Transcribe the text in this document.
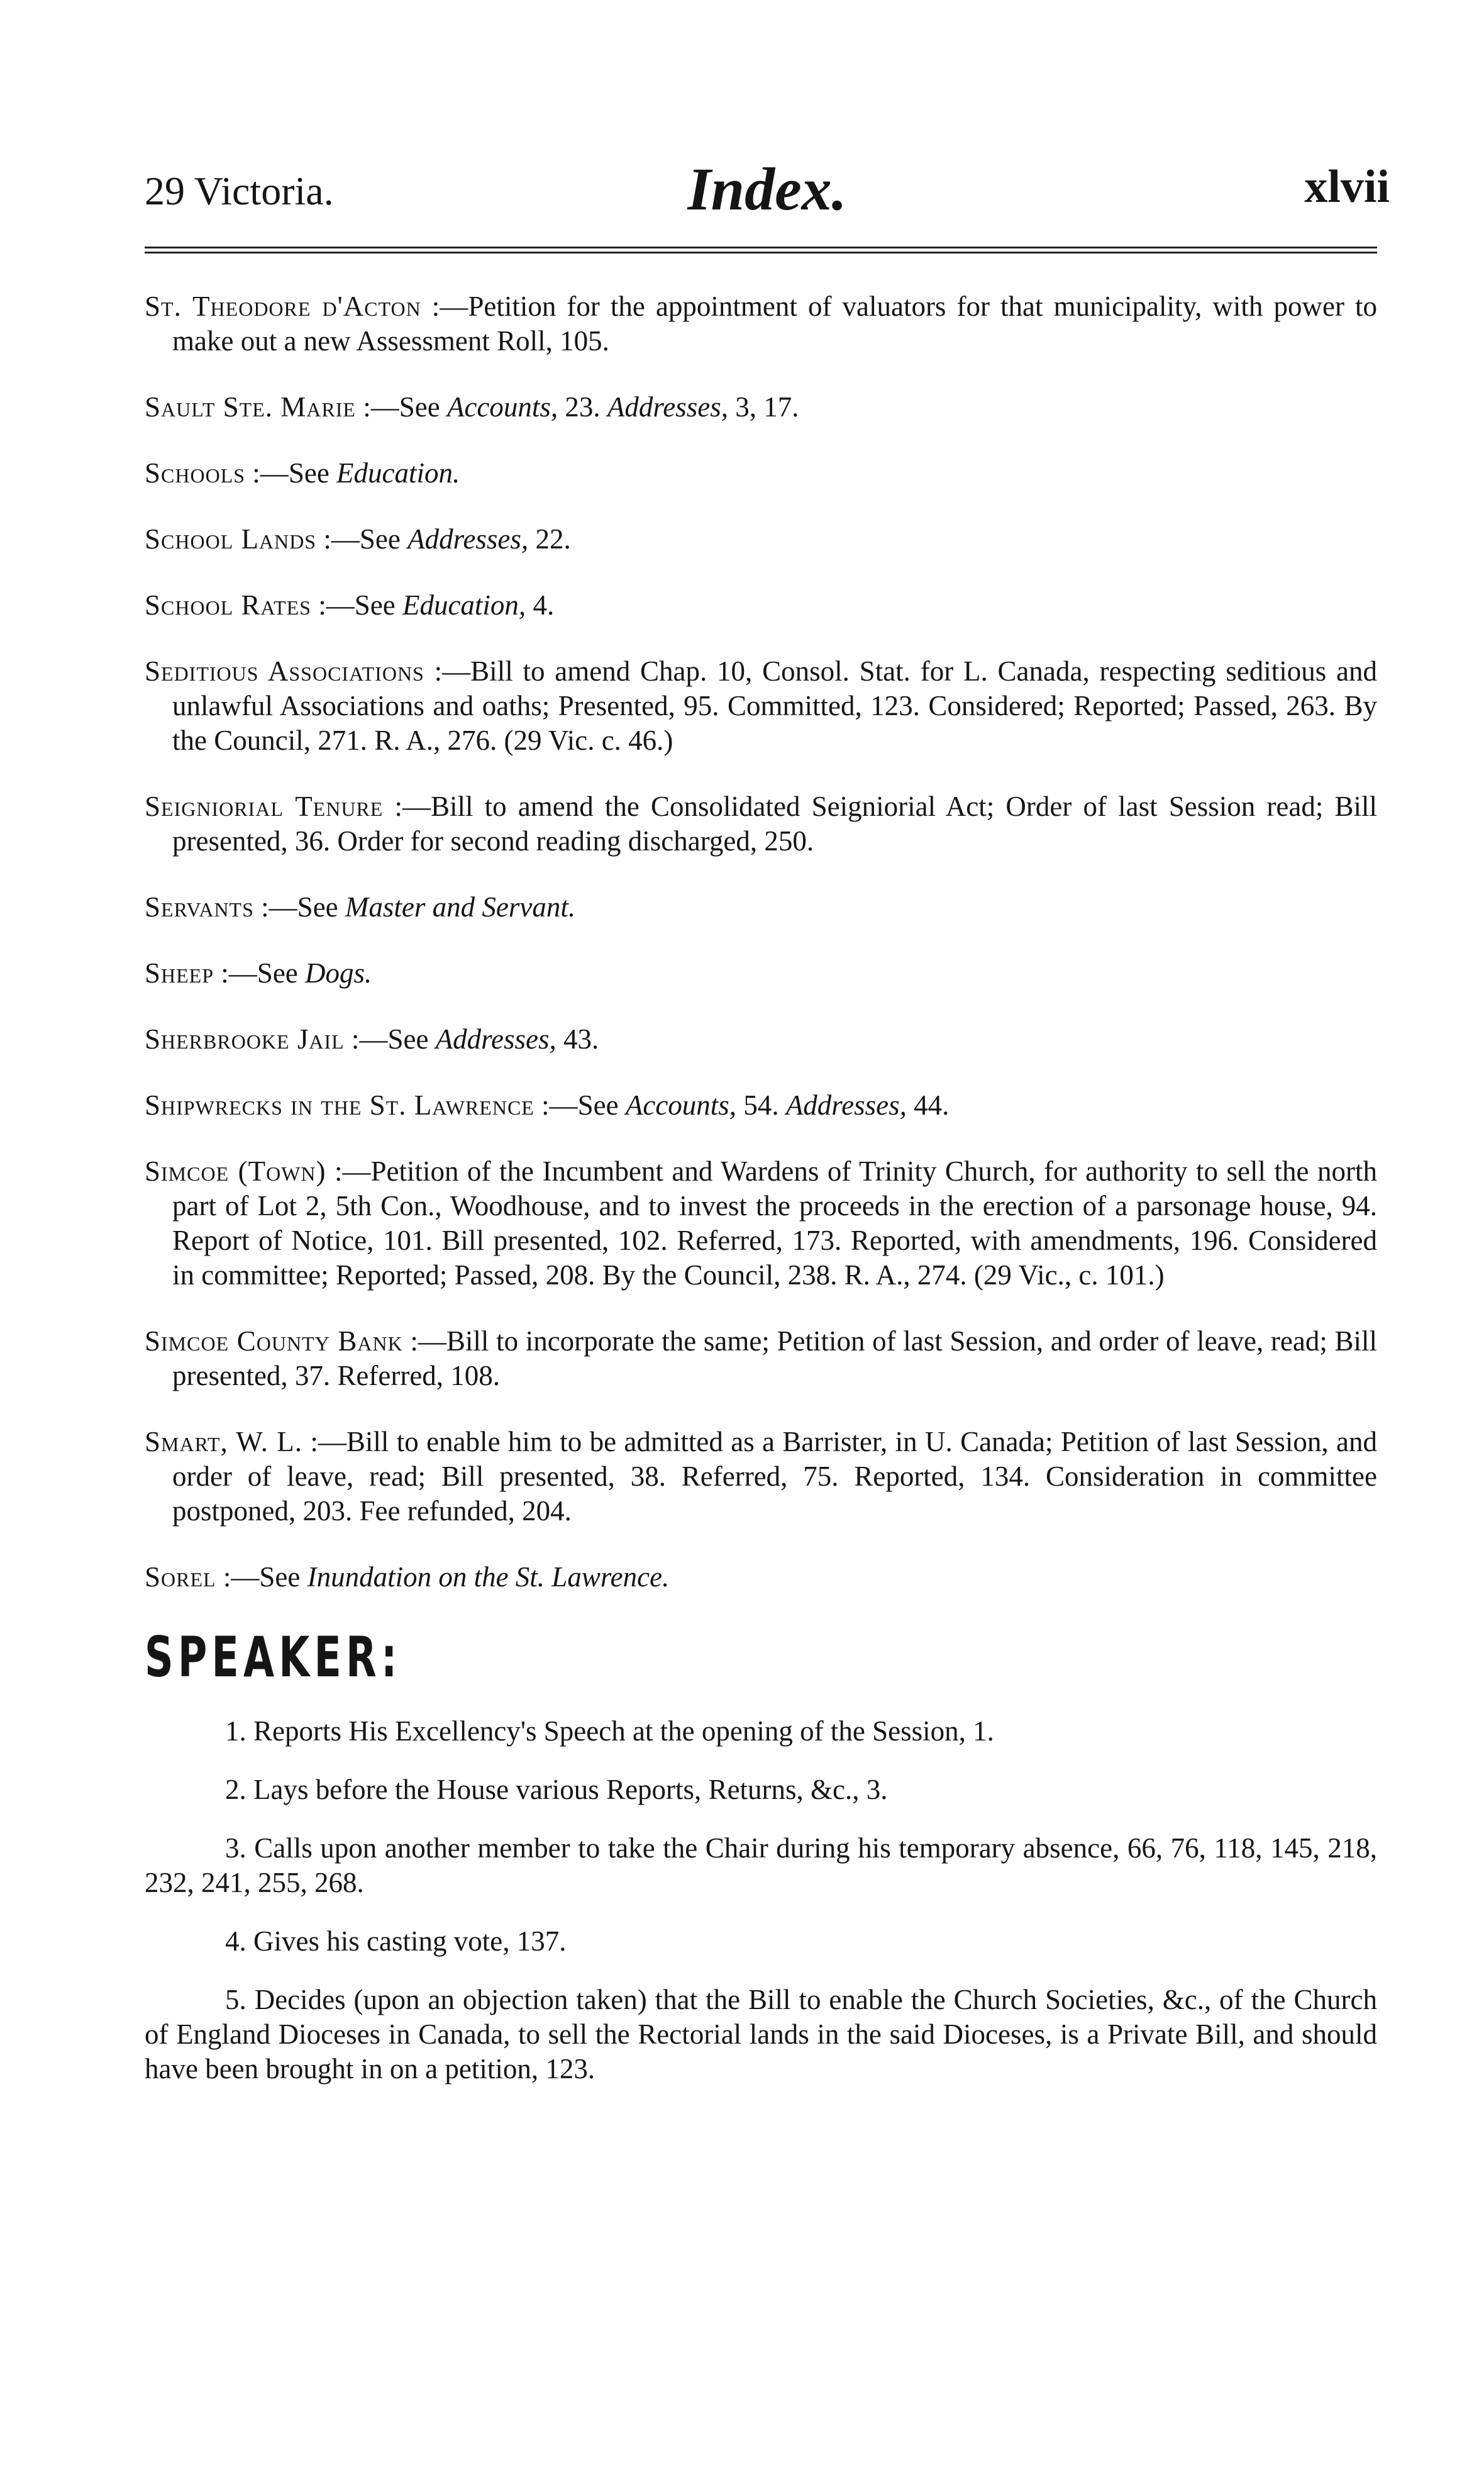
29 Victoria.	Index.	xlvii

St. Theodore d'Acton :—Petition for the appointment of valuators for that municipality, with power to make out a new Assessment Roll, 105.

Sault Ste. Marie :—See Accounts, 23. Addresses, 3, 17.

Schools :—See Education.

School Lands :—See Addresses, 22.

School Rates :—See Education, 4.

Seditious Associations :—Bill to amend Chap. 10, Consol. Stat. for L. Canada, respecting seditious and unlawful Associations and oaths; Presented, 95. Committed, 123. Considered; Reported; Passed, 263. By the Council, 271. R. A., 276. (29 Vic. c. 46.)

Seigniorial Tenure :—Bill to amend the Consolidated Seigniorial Act; Order of last Session read; Bill presented, 36. Order for second reading discharged, 250.

Servants :—See Master and Servant.

Sheep :—See Dogs.

Sherbrooke Jail :—See Addresses, 43.

Shipwrecks in the St. Lawrence :—See Accounts, 54. Addresses, 44.

Simcoe (Town) :—Petition of the Incumbent and Wardens of Trinity Church, for authority to sell the north part of Lot 2, 5th Con., Woodhouse, and to invest the proceeds in the erection of a parsonage house, 94. Report of Notice, 101. Bill presented, 102. Referred, 173. Reported, with amendments, 196. Considered in committee; Reported; Passed, 208. By the Council, 238. R. A., 274. (29 Vic., c. 101.)

Simcoe County Bank :—Bill to incorporate the same; Petition of last Session, and order of leave, read; Bill presented, 37. Referred, 108.

Smart, W. L. :—Bill to enable him to be admitted as a Barrister, in U. Canada; Petition of last Session, and order of leave, read; Bill presented, 38. Referred, 75. Reported, 134. Consideration in committee postponed, 203. Fee refunded, 204.

Sorel :—See Inundation on the St. Lawrence.

SPEAKER:

1. Reports His Excellency's Speech at the opening of the Session, 1.

2. Lays before the House various Reports, Returns, &c., 3.

3. Calls upon another member to take the Chair during his temporary absence, 66, 76, 118, 145, 218, 232, 241, 255, 268.

4. Gives his casting vote, 137.

5. Decides (upon an objection taken) that the Bill to enable the Church Societies, &c., of the Church of England Dioceses in Canada, to sell the Rectorial lands in the said Dioceses, is a Private Bill, and should have been brought in on a petition, 123.
